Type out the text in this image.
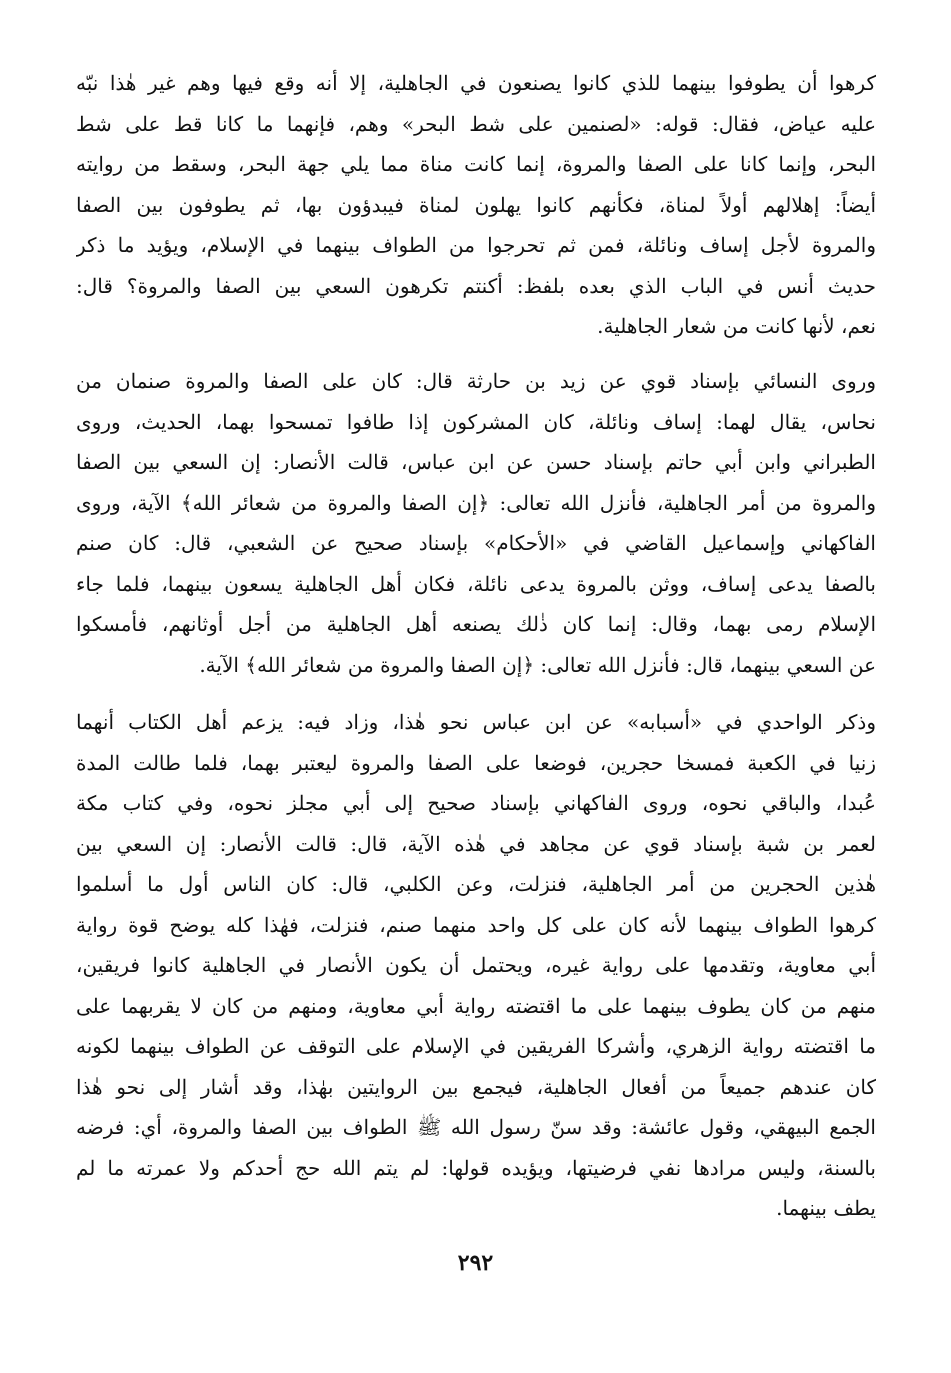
كرهوا أن يطوفوا بينهما للذي كانوا يصنعون في الجاهلية، إلا أنه وقع فيها وهم غير هٰذا نبّه
عليه عياض، فقال: قوله: «لصنمين على شط البحر» وهم، فإنهما ما كانا قط على شط
البحر، وإنما كانا على الصفا والمروة، إنما كانت مناة مما يلي جهة البحر، وسقط من روايته
أيضاً: إهلالهم أولاً لمناة، فكأنهم كانوا يهلون لمناة فيبدؤون بها، ثم يطوفون بين الصفا
والمروة لأجل إساف ونائلة، فمن ثم تحرجوا من الطواف بينهما في الإسلام، ويؤيد ما ذكر
حديث أنس في الباب الذي بعده بلفظ: أكنتم تكرهون السعي بين الصفا والمروة؟ قال:
نعم، لأنها كانت من شعار الجاهلية.
وروى النسائي بإسناد قوي عن زيد بن حارثة قال: كان على الصفا والمروة صنمان من
نحاس، يقال لهما: إساف ونائلة، كان المشركون إذا طافوا تمسحوا بهما، الحديث، وروى
الطبراني وابن أبي حاتم بإسناد حسن عن ابن عباس، قالت الأنصار: إن السعي بين الصفا
والمروة من أمر الجاهلية، فأنزل الله تعالى: ﴿إن الصفا والمروة من شعائر الله﴾ الآية، وروى
الفاكهاني وإسماعيل القاضي في «الأحكام» بإسناد صحيح عن الشعبي، قال: كان صنم
بالصفا يدعى إساف، ووثن بالمروة يدعى نائلة، فكان أهل الجاهلية يسعون بينهما، فلما جاء
الإسلام رمى بهما، وقال: إنما كان ذٰلك يصنعه أهل الجاهلية من أجل أوثانهم، فأمسكوا
عن السعي بينهما، قال: فأنزل الله تعالى: ﴿إن الصفا والمروة من شعائر الله﴾ الآية.
وذكر الواحدي في «أسبابه» عن ابن عباس نحو هٰذا، وزاد فيه: يزعم أهل الكتاب أنهما
زنيا في الكعبة فمسخا حجرين، فوضعا على الصفا والمروة ليعتبر بهما، فلما طالت المدة
عُبدا، والباقي نحوه، وروى الفاكهاني بإسناد صحيح إلى أبي مجلز نحوه، وفي كتاب مكة
لعمر بن شبة بإسناد قوي عن مجاهد في هٰذه الآية، قال: قالت الأنصار: إن السعي بين
هٰذين الحجرين من أمر الجاهلية، فنزلت، وعن الكلبي، قال: كان الناس أول ما أسلموا
كرهوا الطواف بينهما لأنه كان على كل واحد منهما صنم، فنزلت، فهٰذا كله يوضح قوة رواية
أبي معاوية، وتقدمها على رواية غيره، ويحتمل أن يكون الأنصار في الجاهلية كانوا فريقين،
منهم من كان يطوف بينهما على ما اقتضته رواية أبي معاوية، ومنهم من كان لا يقربهما على
ما اقتضته رواية الزهري، وأشركا الفريقين في الإسلام على التوقف عن الطواف بينهما لكونه
كان عندهم جميعاً من أفعال الجاهلية، فيجمع بين الروايتين بهٰذا، وقد أشار إلى نحو هٰذا
الجمع البيهقي، وقول عائشة: وقد سنّ رسول الله ﷺ الطواف بين الصفا والمروة، أي: فرضه
بالسنة، وليس مرادها نفي فرضيتها، ويؤيده قولها: لم يتم الله حج أحدكم ولا عمرته ما لم
يطف بينهما.
٢٩٢
